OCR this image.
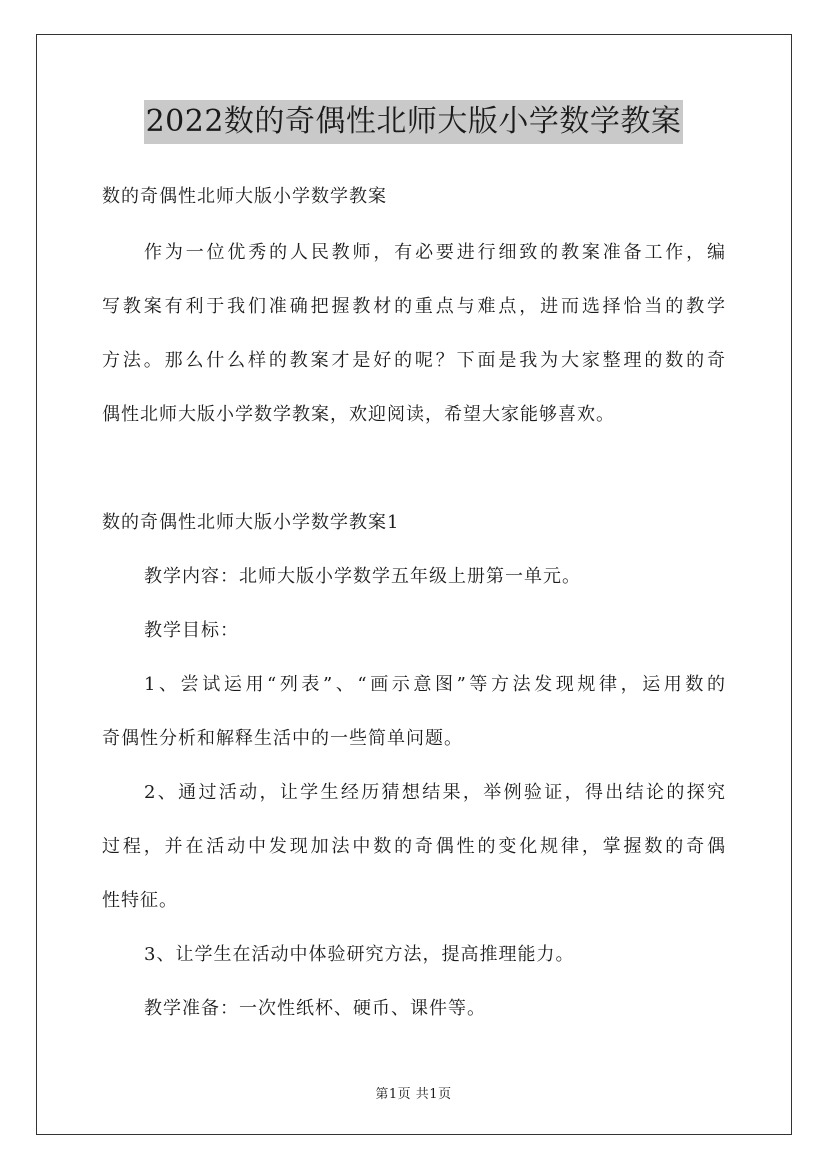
2022数的奇偶性北师大版小学数学教案
数的奇偶性北师大版小学数学教案
作为一位优秀的人民教师，有必要进行细致的教案准备工作，编
写教案有利于我们准确把握教材的重点与难点，进而选择恰当的教学
方法。那么什么样的教案才是好的呢？下面是我为大家整理的数的奇
偶性北师大版小学数学教案，欢迎阅读，希望大家能够喜欢。
数的奇偶性北师大版小学数学教案1
教学内容：北师大版小学数学五年级上册第一单元。
教学目标：
1、尝试运用“列表”、“画示意图”等方法发现规律，运用数的
奇偶性分析和解释生活中的一些简单问题。
2、通过活动，让学生经历猜想结果，举例验证，得出结论的探究
过程，并在活动中发现加法中数的奇偶性的变化规律，掌握数的奇偶
性特征。
3、让学生在活动中体验研究方法，提高推理能力。
教学准备：一次性纸杯、硬币、课件等。
第1页 共1页
